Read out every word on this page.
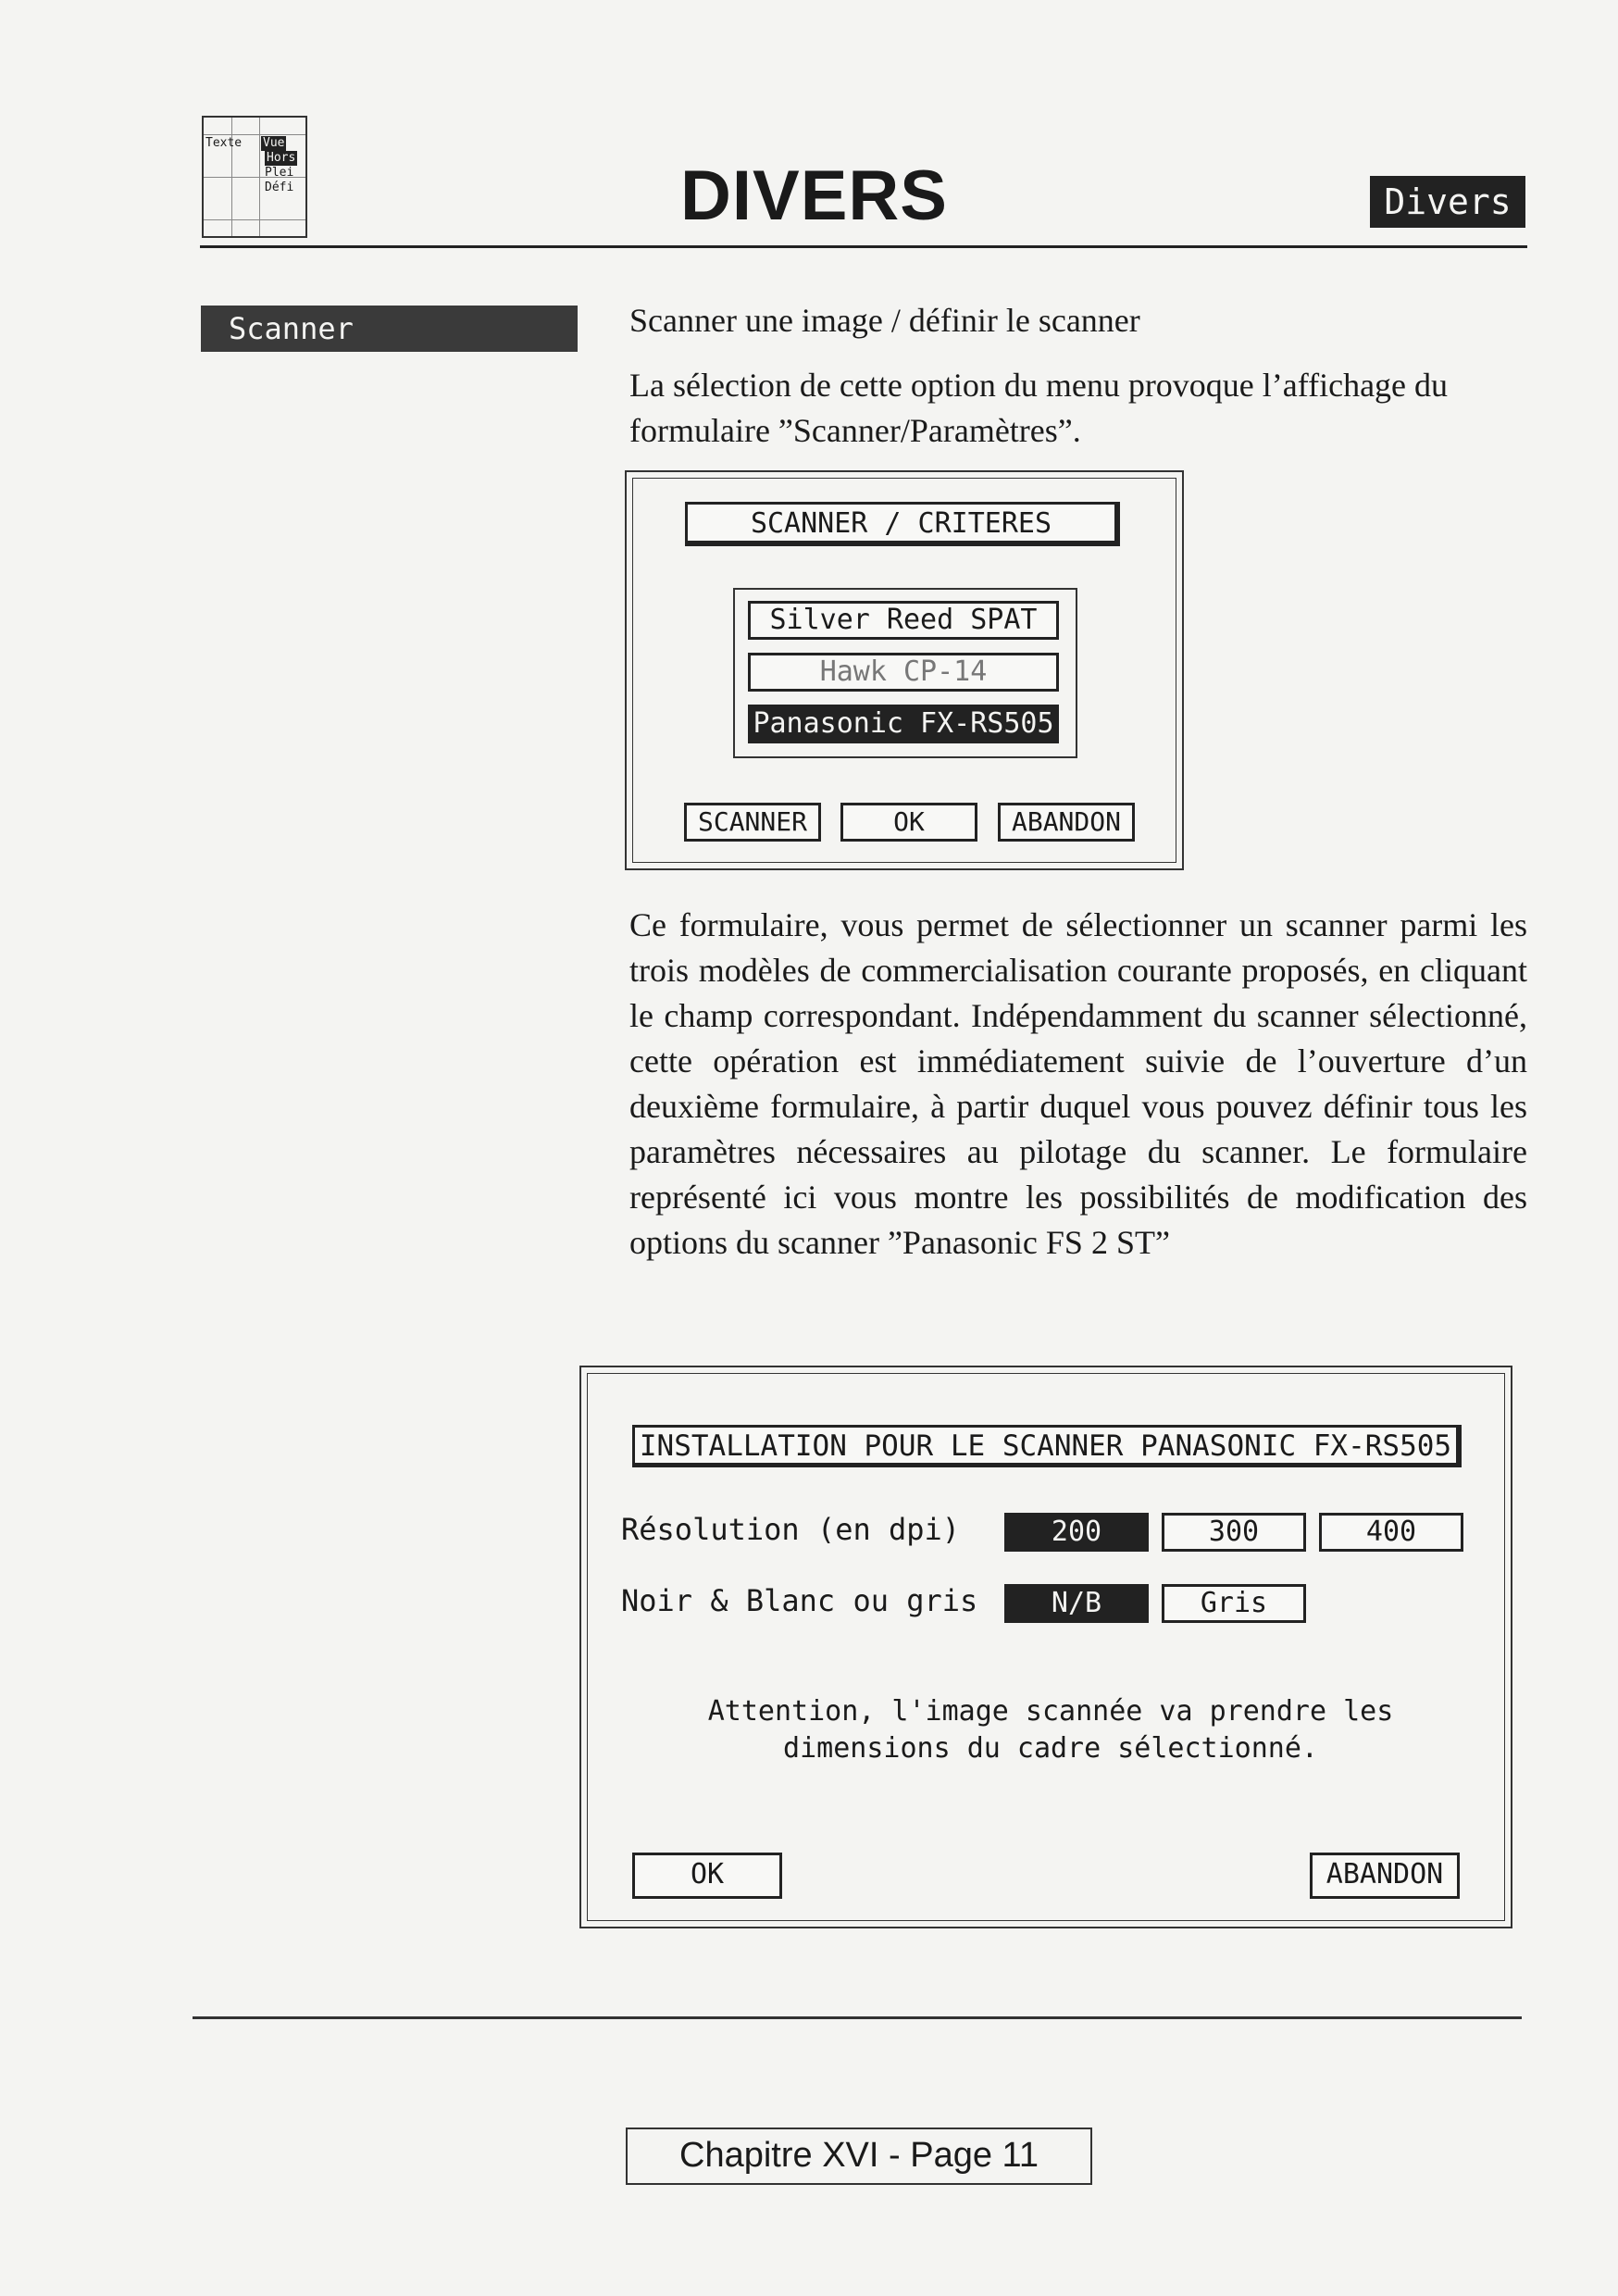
Texte Vue
Hors
Plei
Défi	DIVERS	Divers
Scanner	Scanner une image / définir le scanner
La sélection de cette option du menu provoque l’affichage du formulaire ”Scanner/Paramètres”.
SCANNER / CRITERES
Silver Reed SPAT
Hawk CP-14
Panasonic FX-RS505
SCANNER	OK	ABANDON
Ce formulaire, vous permet de sélectionner un scanner parmi les trois modèles de commercialisation courante proposés, en cliquant le champ correspondant. Indépendamment du scanner sélectionné, cette opération est immédiatement suivie de l’ouverture d’un deuxième formulaire, à partir duquel vous pouvez définir tous les paramètres nécessaires au pilotage du scanner. Le formulaire représenté ici vous montre les possibilités de modification des options du scanner ”Panasonic FS 2 ST”
INSTALLATION POUR LE SCANNER PANASONIC FX-RS505
Résolution (en dpi)	200	300	400
Noir & Blanc ou gris	N/B	Gris
Attention, l'image scannée va prendre les
dimensions du cadre sélectionné.
OK	ABANDON
Chapitre XVI - Page 11
